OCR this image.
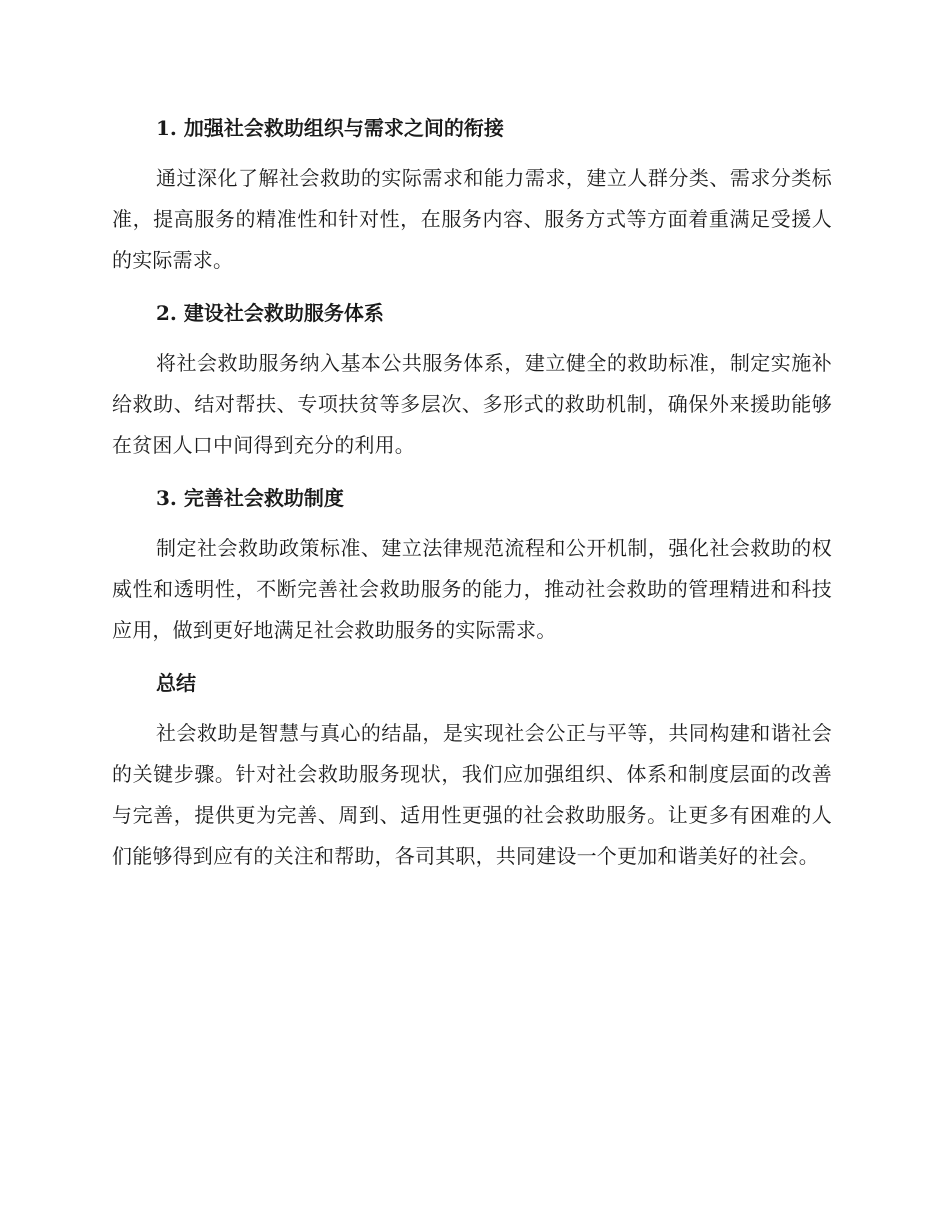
1. 加强社会救助组织与需求之间的衔接

通过深化了解社会救助的实际需求和能力需求，建立人群分类、需求分类标准，提高服务的精准性和针对性，在服务内容、服务方式等方面着重满足受援人的实际需求。

2. 建设社会救助服务体系

将社会救助服务纳入基本公共服务体系，建立健全的救助标准，制定实施补给救助、结对帮扶、专项扶贫等多层次、多形式的救助机制，确保外来援助能够在贫困人口中间得到充分的利用。

3. 完善社会救助制度

制定社会救助政策标准、建立法律规范流程和公开机制，强化社会救助的权威性和透明性，不断完善社会救助服务的能力，推动社会救助的管理精进和科技应用，做到更好地满足社会救助服务的实际需求。

总结

社会救助是智慧与真心的结晶，是实现社会公正与平等，共同构建和谐社会的关键步骤。针对社会救助服务现状，我们应加强组织、体系和制度层面的改善与完善，提供更为完善、周到、适用性更强的社会救助服务。让更多有困难的人们能够得到应有的关注和帮助，各司其职，共同建设一个更加和谐美好的社会。
